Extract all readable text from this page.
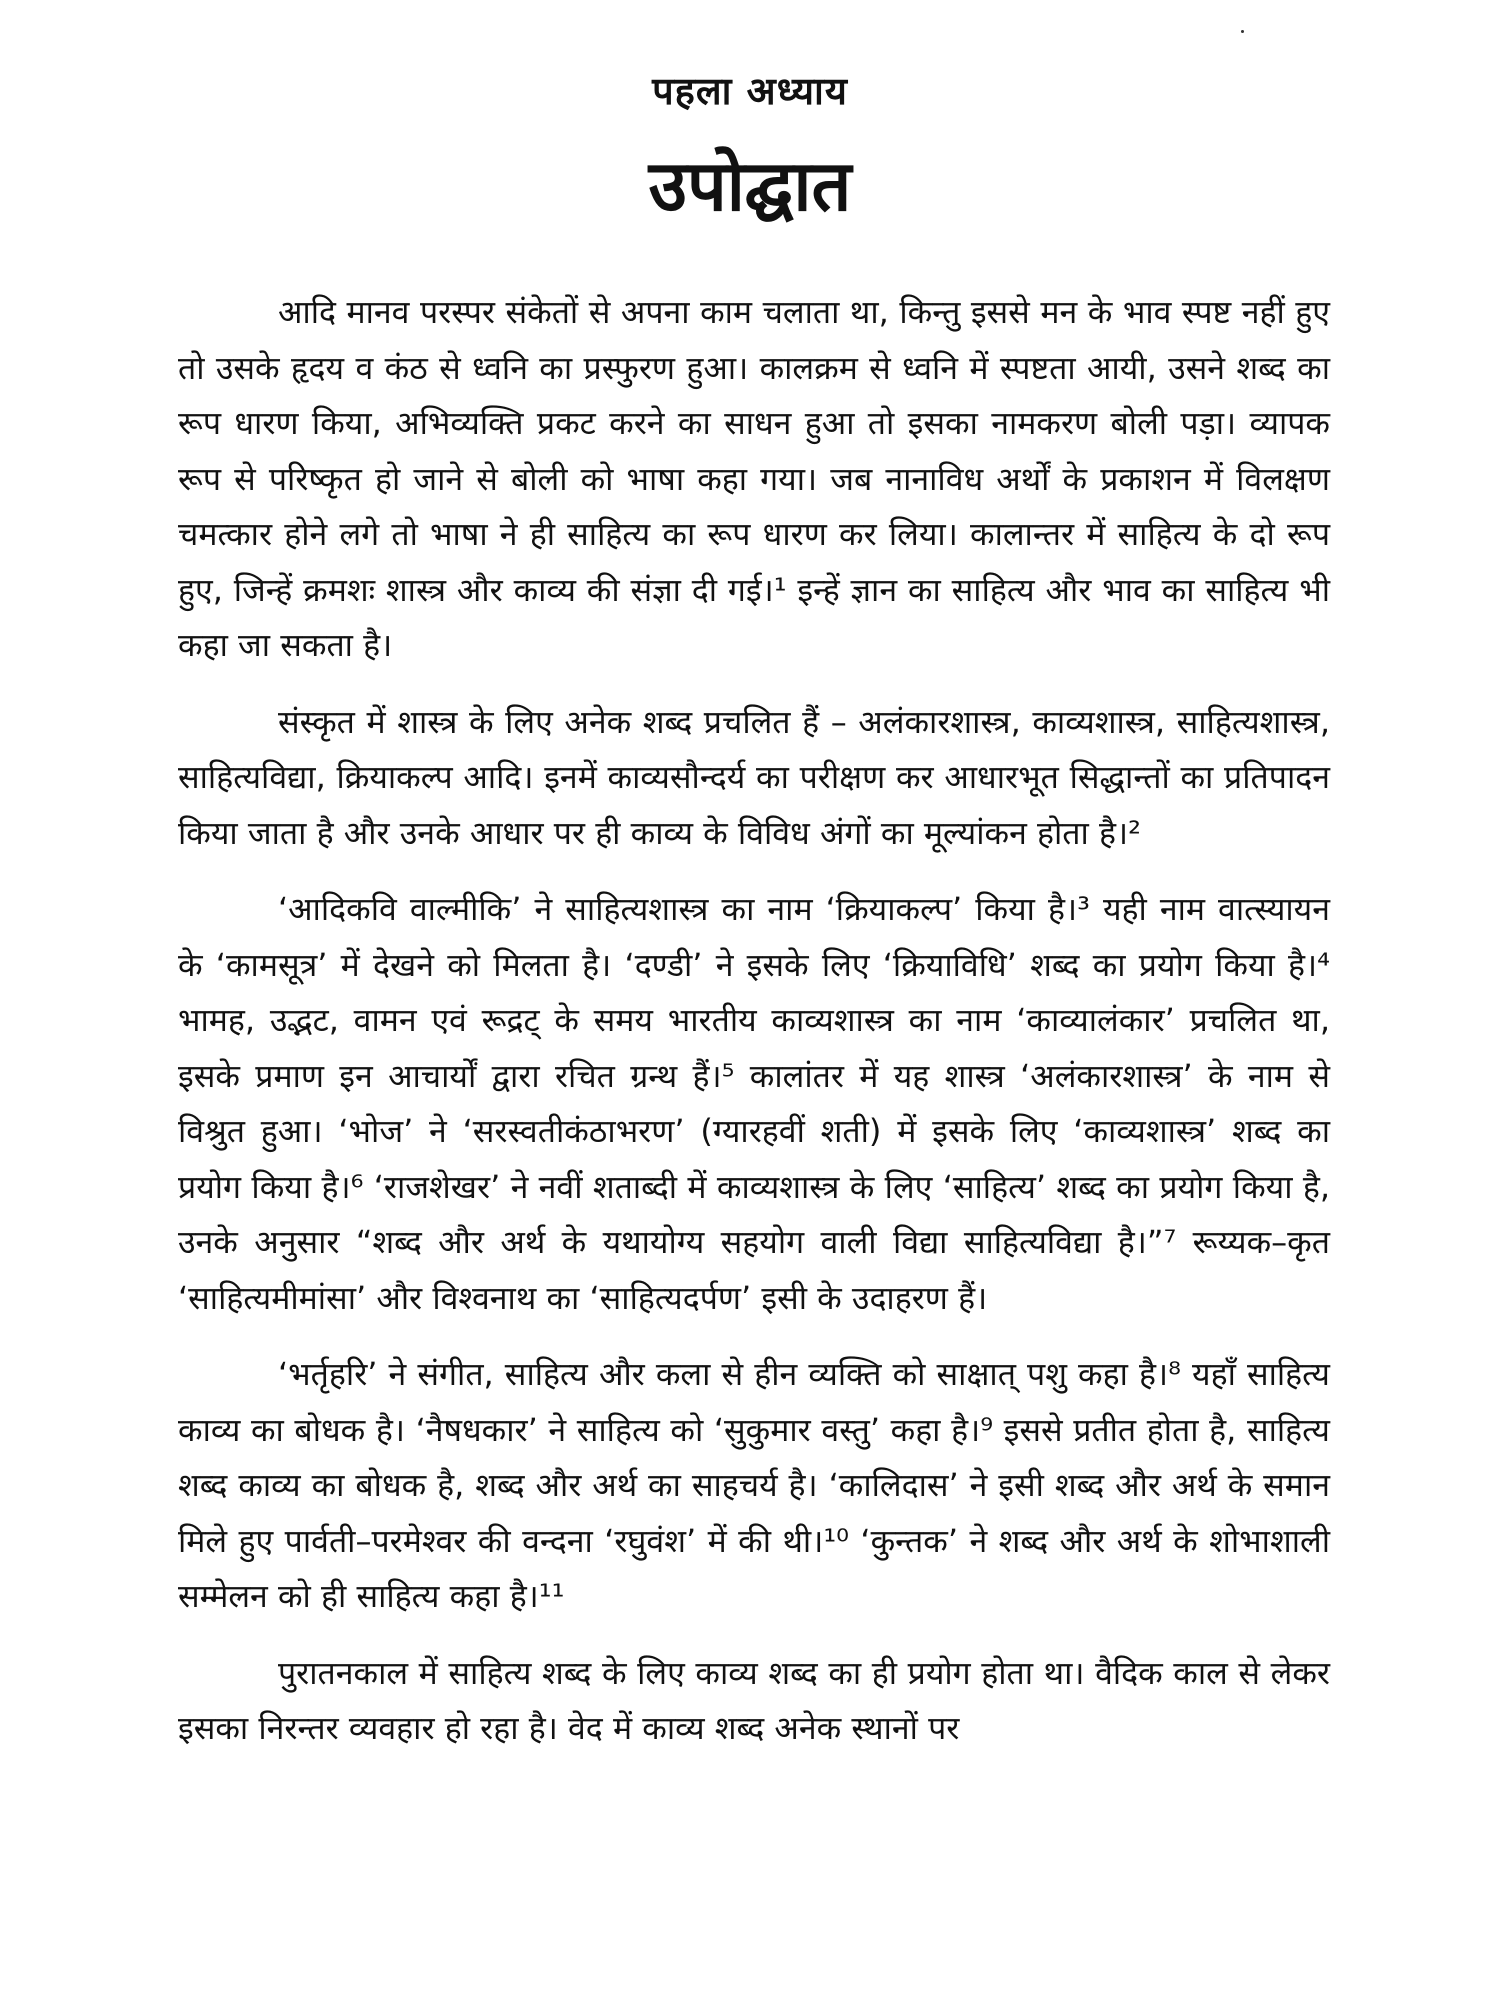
पहला अध्याय
उपोद्घात

आदि मानव परस्पर संकेतों से अपना काम चलाता था, किन्तु इससे मन के भाव स्पष्ट नहीं हुए तो उसके हृदय व कंठ से ध्वनि का प्रस्फुरण हुआ। कालक्रम से ध्वनि में स्पष्टता आयी, उसने शब्द का रूप धारण किया, अभिव्यक्ति प्रकट करने का साधन हुआ तो इसका नामकरण बोली पड़ा। व्यापक रूप से परिष्कृत हो जाने से बोली को भाषा कहा गया। जब नानाविध अर्थों के प्रकाशन में विलक्षण चमत्कार होने लगे तो भाषा ने ही साहित्य का रूप धारण कर लिया। कालान्तर में साहित्य के दो रूप हुए, जिन्हें क्रमशः शास्त्र और काव्य की संज्ञा दी गई।¹ इन्हें ज्ञान का साहित्य और भाव का साहित्य भी कहा जा सकता है।

संस्कृत में शास्त्र के लिए अनेक शब्द प्रचलित हैं – अलंकारशास्त्र, काव्यशास्त्र, साहित्यशास्त्र, साहित्यविद्या, क्रियाकल्प आदि। इनमें काव्यसौन्दर्य का परीक्षण कर आधारभूत सिद्धान्तों का प्रतिपादन किया जाता है और उनके आधार पर ही काव्य के विविध अंगों का मूल्यांकन होता है।²

‘आदिकवि वाल्मीकि’ ने साहित्यशास्त्र का नाम ‘क्रियाकल्प’ किया है।³ यही नाम वात्स्यायन के ‘कामसूत्र’ में देखने को मिलता है। ‘दण्डी’ ने इसके लिए ‘क्रियाविधि’ शब्द का प्रयोग किया है।⁴ भामह, उद्भट, वामन एवं रूद्रट् के समय भारतीय काव्यशास्त्र का नाम ‘काव्यालंकार’ प्रचलित था, इसके प्रमाण इन आचार्यों द्वारा रचित ग्रन्थ हैं।⁵ कालांतर में यह शास्त्र ‘अलंकारशास्त्र’ के नाम से विश्रुत हुआ। ‘भोज’ ने ‘सरस्वतीकंठाभरण’ (ग्यारहवीं शती) में इसके लिए ‘काव्यशास्त्र’ शब्द का प्रयोग किया है।⁶ ‘राजशेखर’ ने नवीं शताब्दी में काव्यशास्त्र के लिए ‘साहित्य’ शब्द का प्रयोग किया है, उनके अनुसार “शब्द और अर्थ के यथायोग्य सहयोग वाली विद्या साहित्यविद्या है।”⁷ रूय्यक–कृत ‘साहित्यमीमांसा’ और विश्वनाथ का ‘साहित्यदर्पण’ इसी के उदाहरण हैं।

‘भर्तृहरि’ ने संगीत, साहित्य और कला से हीन व्यक्ति को साक्षात् पशु कहा है।⁸ यहाँ साहित्य काव्य का बोधक है। ‘नैषधकार’ ने साहित्य को ‘सुकुमार वस्तु’ कहा है।⁹ इससे प्रतीत होता है, साहित्य शब्द काव्य का बोधक है, शब्द और अर्थ का साहचर्य है। ‘कालिदास’ ने इसी शब्द और अर्थ के समान मिले हुए पार्वती–परमेश्वर की वन्दना ‘रघुवंश’ में की थी।¹⁰ ‘कुन्तक’ ने शब्द और अर्थ के शोभाशाली सम्मेलन को ही साहित्य कहा है।¹¹

पुरातनकाल में साहित्य शब्द के लिए काव्य शब्द का ही प्रयोग होता था। वैदिक काल से लेकर इसका निरन्तर व्यवहार हो रहा है। वेद में काव्य शब्द अनेक स्थानों पर
